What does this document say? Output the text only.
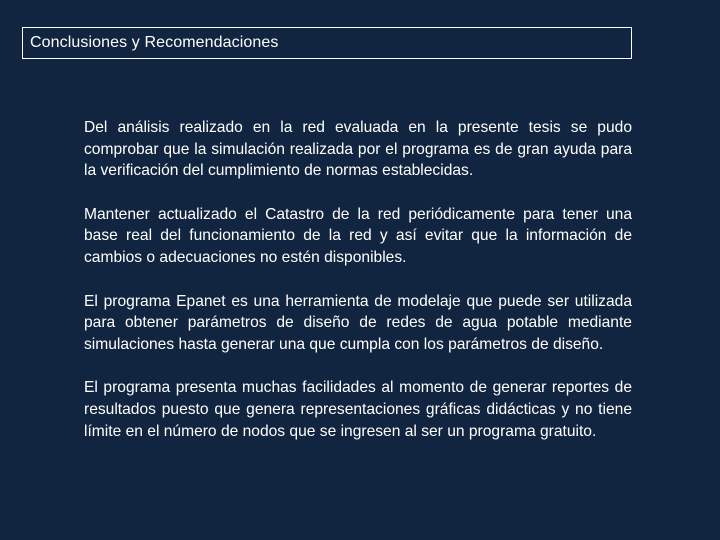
Conclusiones y Recomendaciones

Del análisis realizado en la red evaluada en la presente tesis se pudo comprobar que la simulación realizada por el programa es de gran ayuda para la verificación del cumplimiento de normas establecidas.

Mantener actualizado el Catastro de la red periódicamente para tener una base real del funcionamiento de la red y así evitar que la información de cambios o adecuaciones no estén disponibles.

El programa Epanet es una herramienta de modelaje que puede ser utilizada para obtener parámetros de diseño de redes de agua potable mediante simulaciones hasta generar una que cumpla con los parámetros de diseño.

El programa presenta muchas facilidades al momento de generar reportes de resultados puesto que genera representaciones gráficas didácticas y no tiene límite en el número de nodos que se ingresen al ser un programa gratuito.
